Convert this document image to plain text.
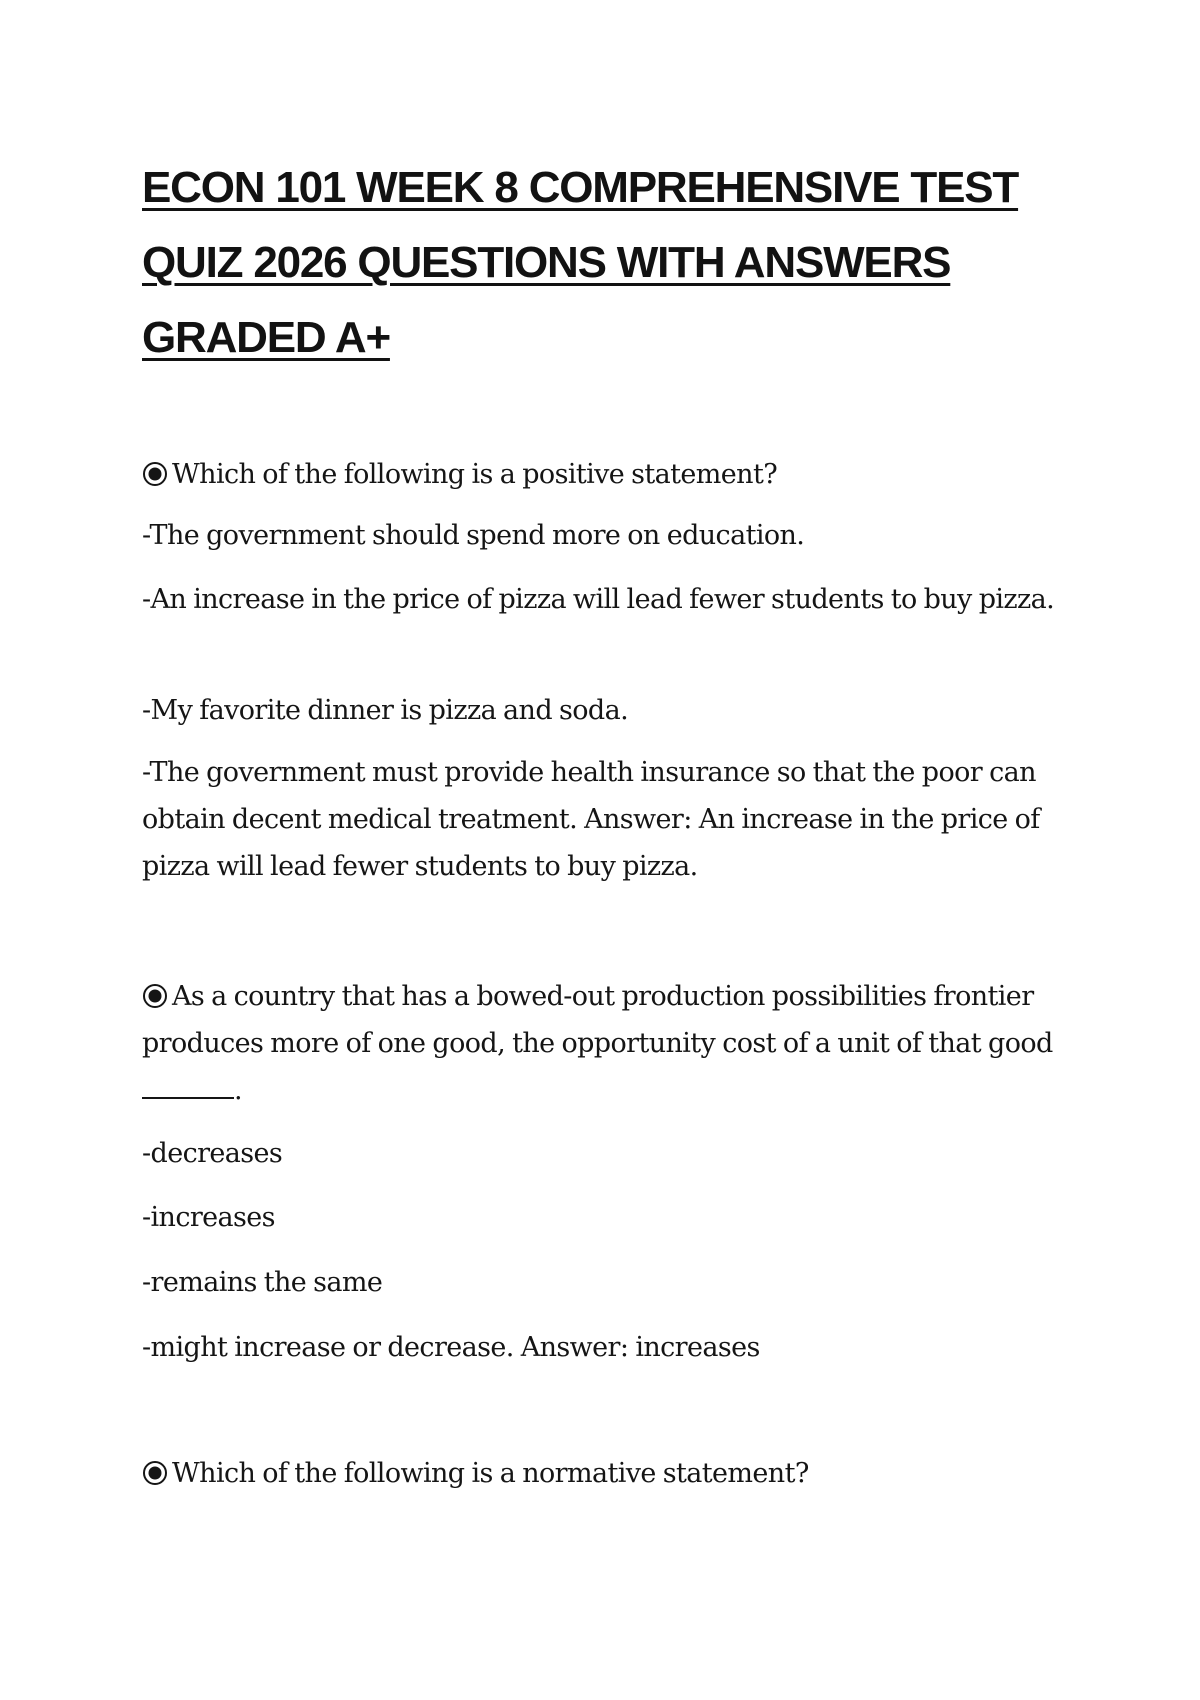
ECON 101 WEEK 8 COMPREHENSIVE TEST
QUIZ 2026 QUESTIONS WITH ANSWERS
GRADED A+

Which of the following is a positive statement?

-The government should spend more on education.

-An increase in the price of pizza will lead fewer students to buy pizza.

-My favorite dinner is pizza and soda.

-The government must provide health insurance so that the poor can obtain decent medical treatment. Answer: An increase in the price of pizza will lead fewer students to buy pizza.

As a country that has a bowed-out production possibilities frontier produces more of one good, the opportunity cost of a unit of that good .

-decreases

-increases

-remains the same

-might increase or decrease. Answer: increases

Which of the following is a normative statement?
